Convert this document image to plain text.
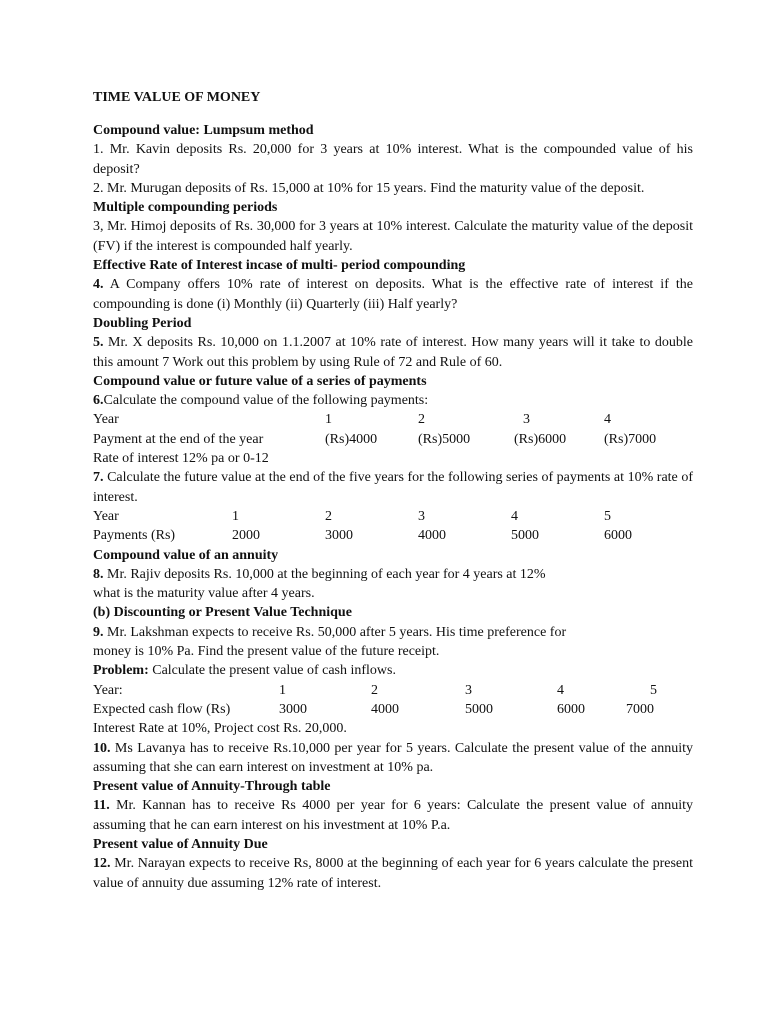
TIME VALUE OF MONEY
Compound value: Lumpsum method
1. Mr. Kavin deposits Rs. 20,000 for 3 years at 10% interest. What is the compounded value of his deposit?
2. Mr. Murugan deposits of Rs. 15,000 at 10% for 15 years. Find the maturity value of the deposit.
Multiple compounding periods
3, Mr. Himoj deposits of Rs. 30,000 for 3 years at 10% interest. Calculate the maturity value of the deposit (FV) if the interest is compounded half yearly.
Effective Rate of Interest incase of multi- period compounding
4. A Company offers 10% rate of interest on deposits. What is the effective rate of interest if the compounding is done (i) Monthly (ii) Quarterly (iii) Half yearly?
Doubling Period
5. Mr. X deposits Rs. 10,000 on 1.1.2007 at 10% rate of interest. How many years will it take to double this amount 7 Work out this problem by using Rule of 72 and Rule of 60.
Compound value or future value of a series of payments
6.Calculate the compound value of the following payments:
Year	1	2	3	4
Payment at the end of the year	(Rs)4000	(Rs)5000	(Rs)6000	(Rs)7000
Rate of interest 12% pa or 0-12
7. Calculate the future value at the end of the five years for the following series of payments at 10% rate of interest.
Year	1	2	3	4	5
Payments (Rs)	2000	3000	4000	5000	6000
Compound value of an annuity
8. Mr. Rajiv deposits Rs. 10,000 at the beginning of each year for 4 years at 12%
what is the maturity value after 4 years.
(b) Discounting or Present Value Technique
9. Mr. Lakshman expects to receive Rs. 50,000 after 5 years. His time preference for
money is 10% Pa. Find the present value of the future receipt.
Problem: Calculate the present value of cash inflows.
Year:	1	2	3	4	5
Expected cash flow (Rs)	3000	4000	5000	6000	7000
Interest Rate at 10%, Project cost Rs. 20,000.
10. Ms Lavanya has to receive Rs.10,000 per year for 5 years. Calculate the present value of the annuity assuming that she can earn interest on investment at 10% pa.
Present value of Annuity-Through table
11. Mr. Kannan has to receive Rs 4000 per year for 6 years: Calculate the present value of annuity assuming that he can earn interest on his investment at 10% P.a.
Present value of Annuity Due
12. Mr. Narayan expects to receive Rs, 8000 at the beginning of each year for 6 years calculate the present value of annuity due assuming 12% rate of interest.
